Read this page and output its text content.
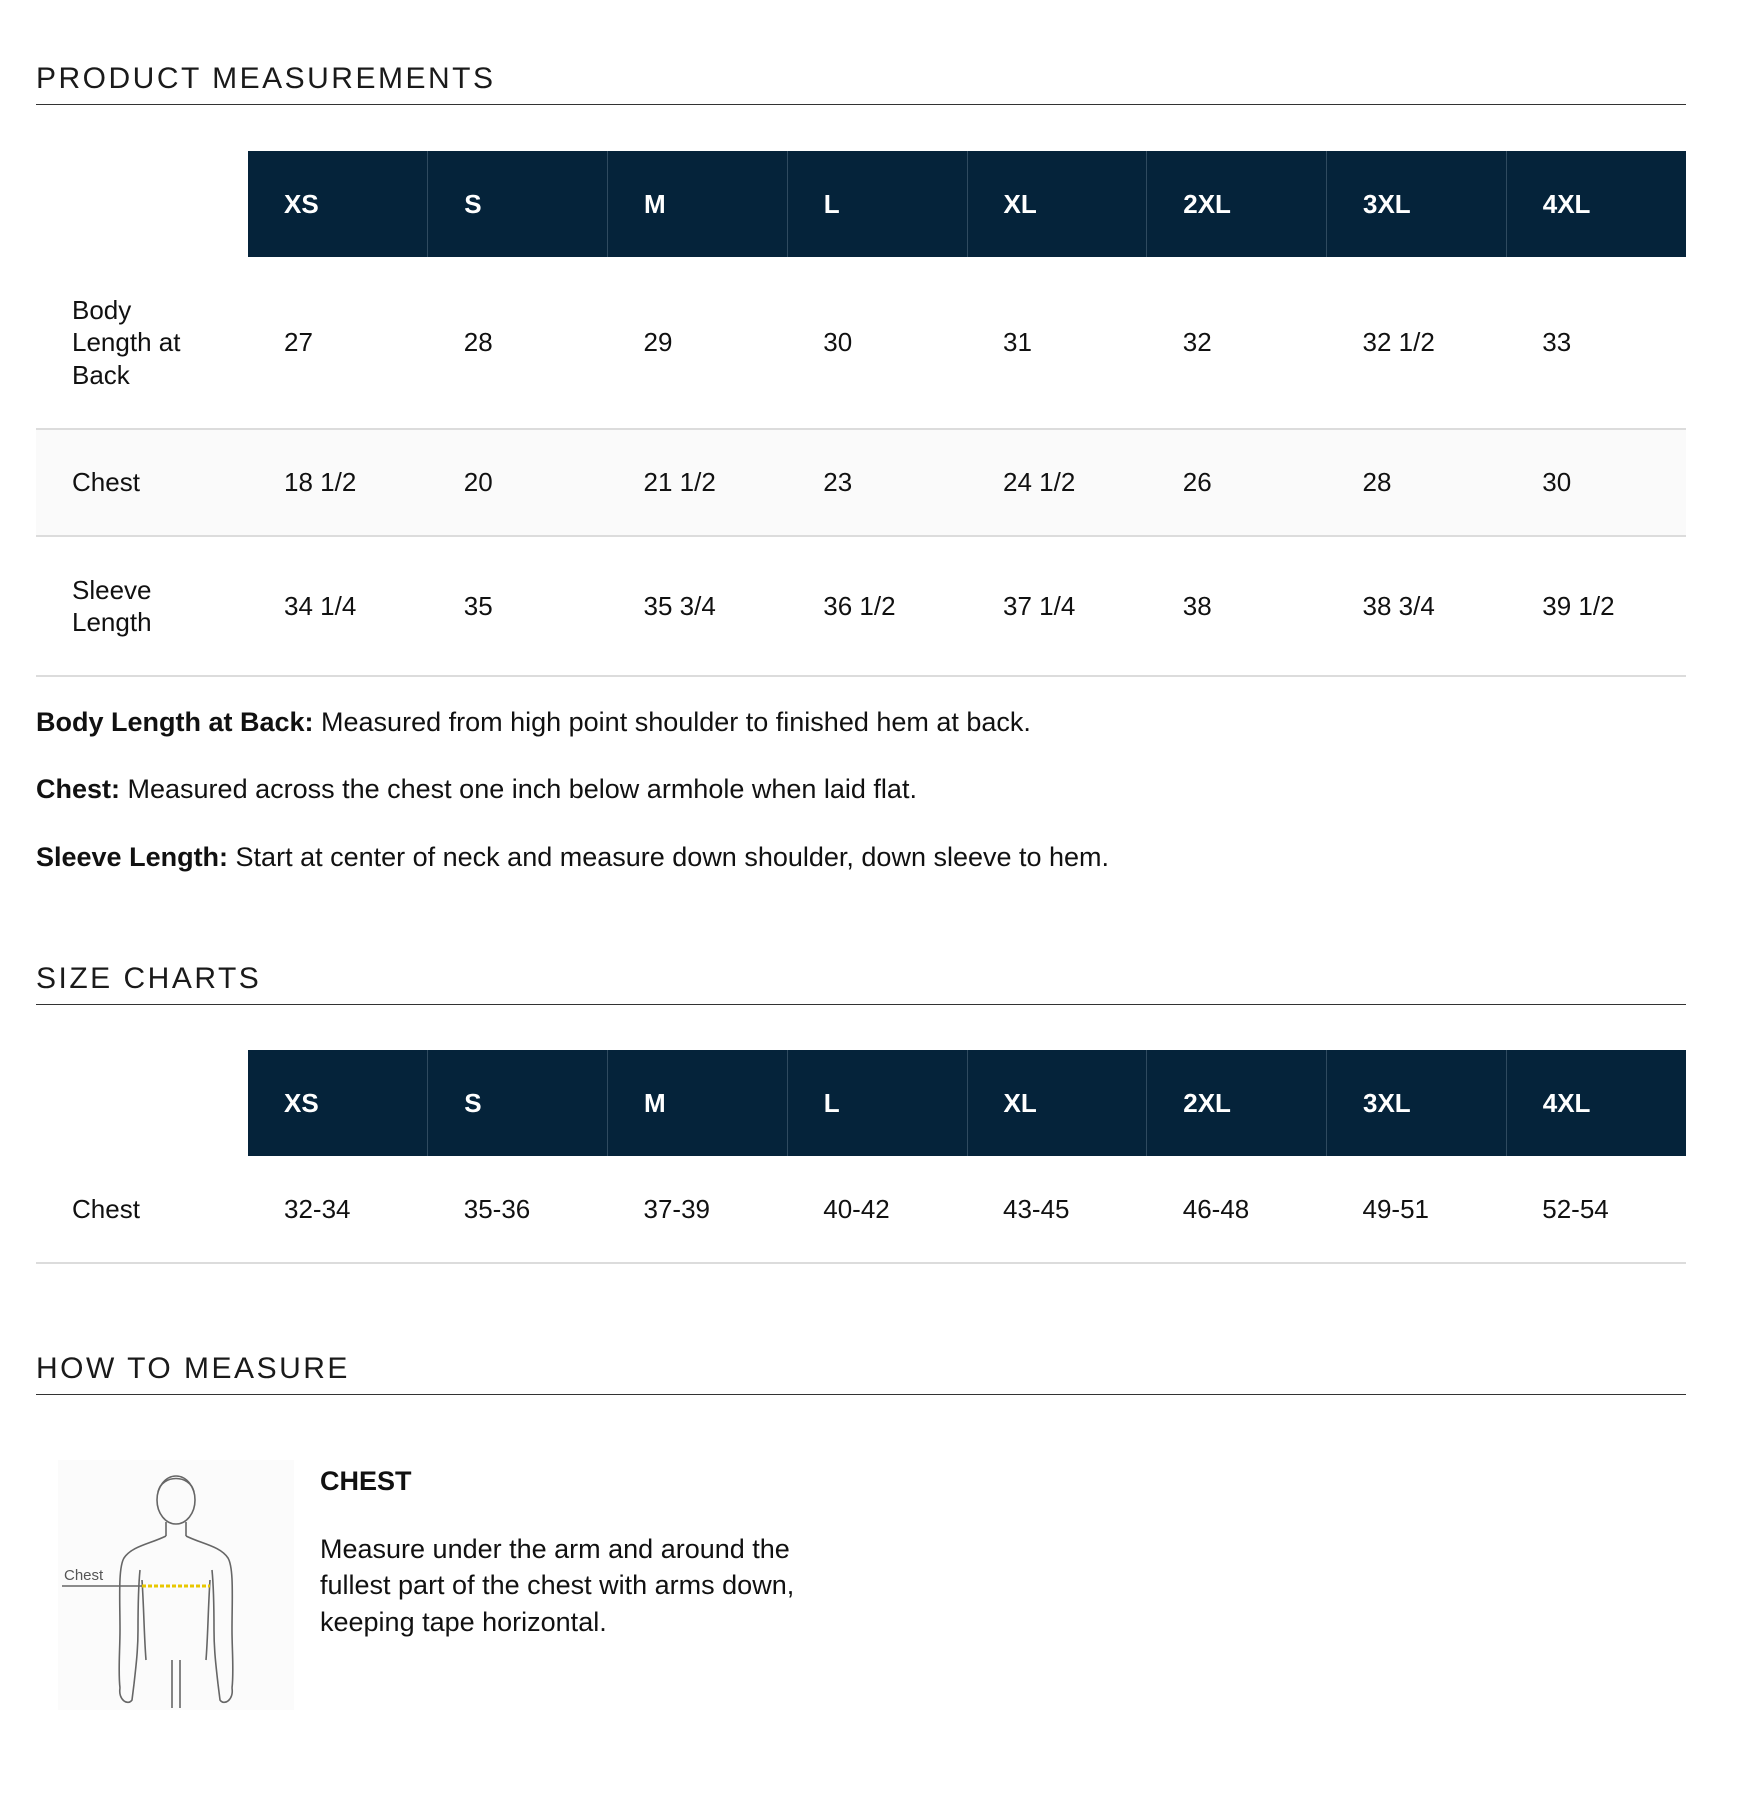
PRODUCT MEASUREMENTS
	XS	S	M	L	XL	2XL	3XL	4XL

Body Length at Back	27	28	29	30	31	32	32 1/2	33
Chest	18 1/2	20	21 1/2	23	24 1/2	26	28	30

Sleeve Length	34 1/4	35	35 3/4	36 1/2	37 1/4	38	38 3/4	39 1/2

Body Length at Back: Measured from high point shoulder to finished hem at back.

Chest: Measured across the chest one inch below armhole when laid flat.

Sleeve Length: Start at center of neck and measure down shoulder, down sleeve to hem.

SIZE CHARTS
	XS	S	M	L	XL	2XL	3XL	4XL
Chest	32-34	35-36	37-39	40-42	43-45	46-48	49-51	52-54
HOW TO MEASURE
Chest

CHEST

Measure under the arm and around the
fullest part of the chest with arms down,
keeping tape horizontal.
